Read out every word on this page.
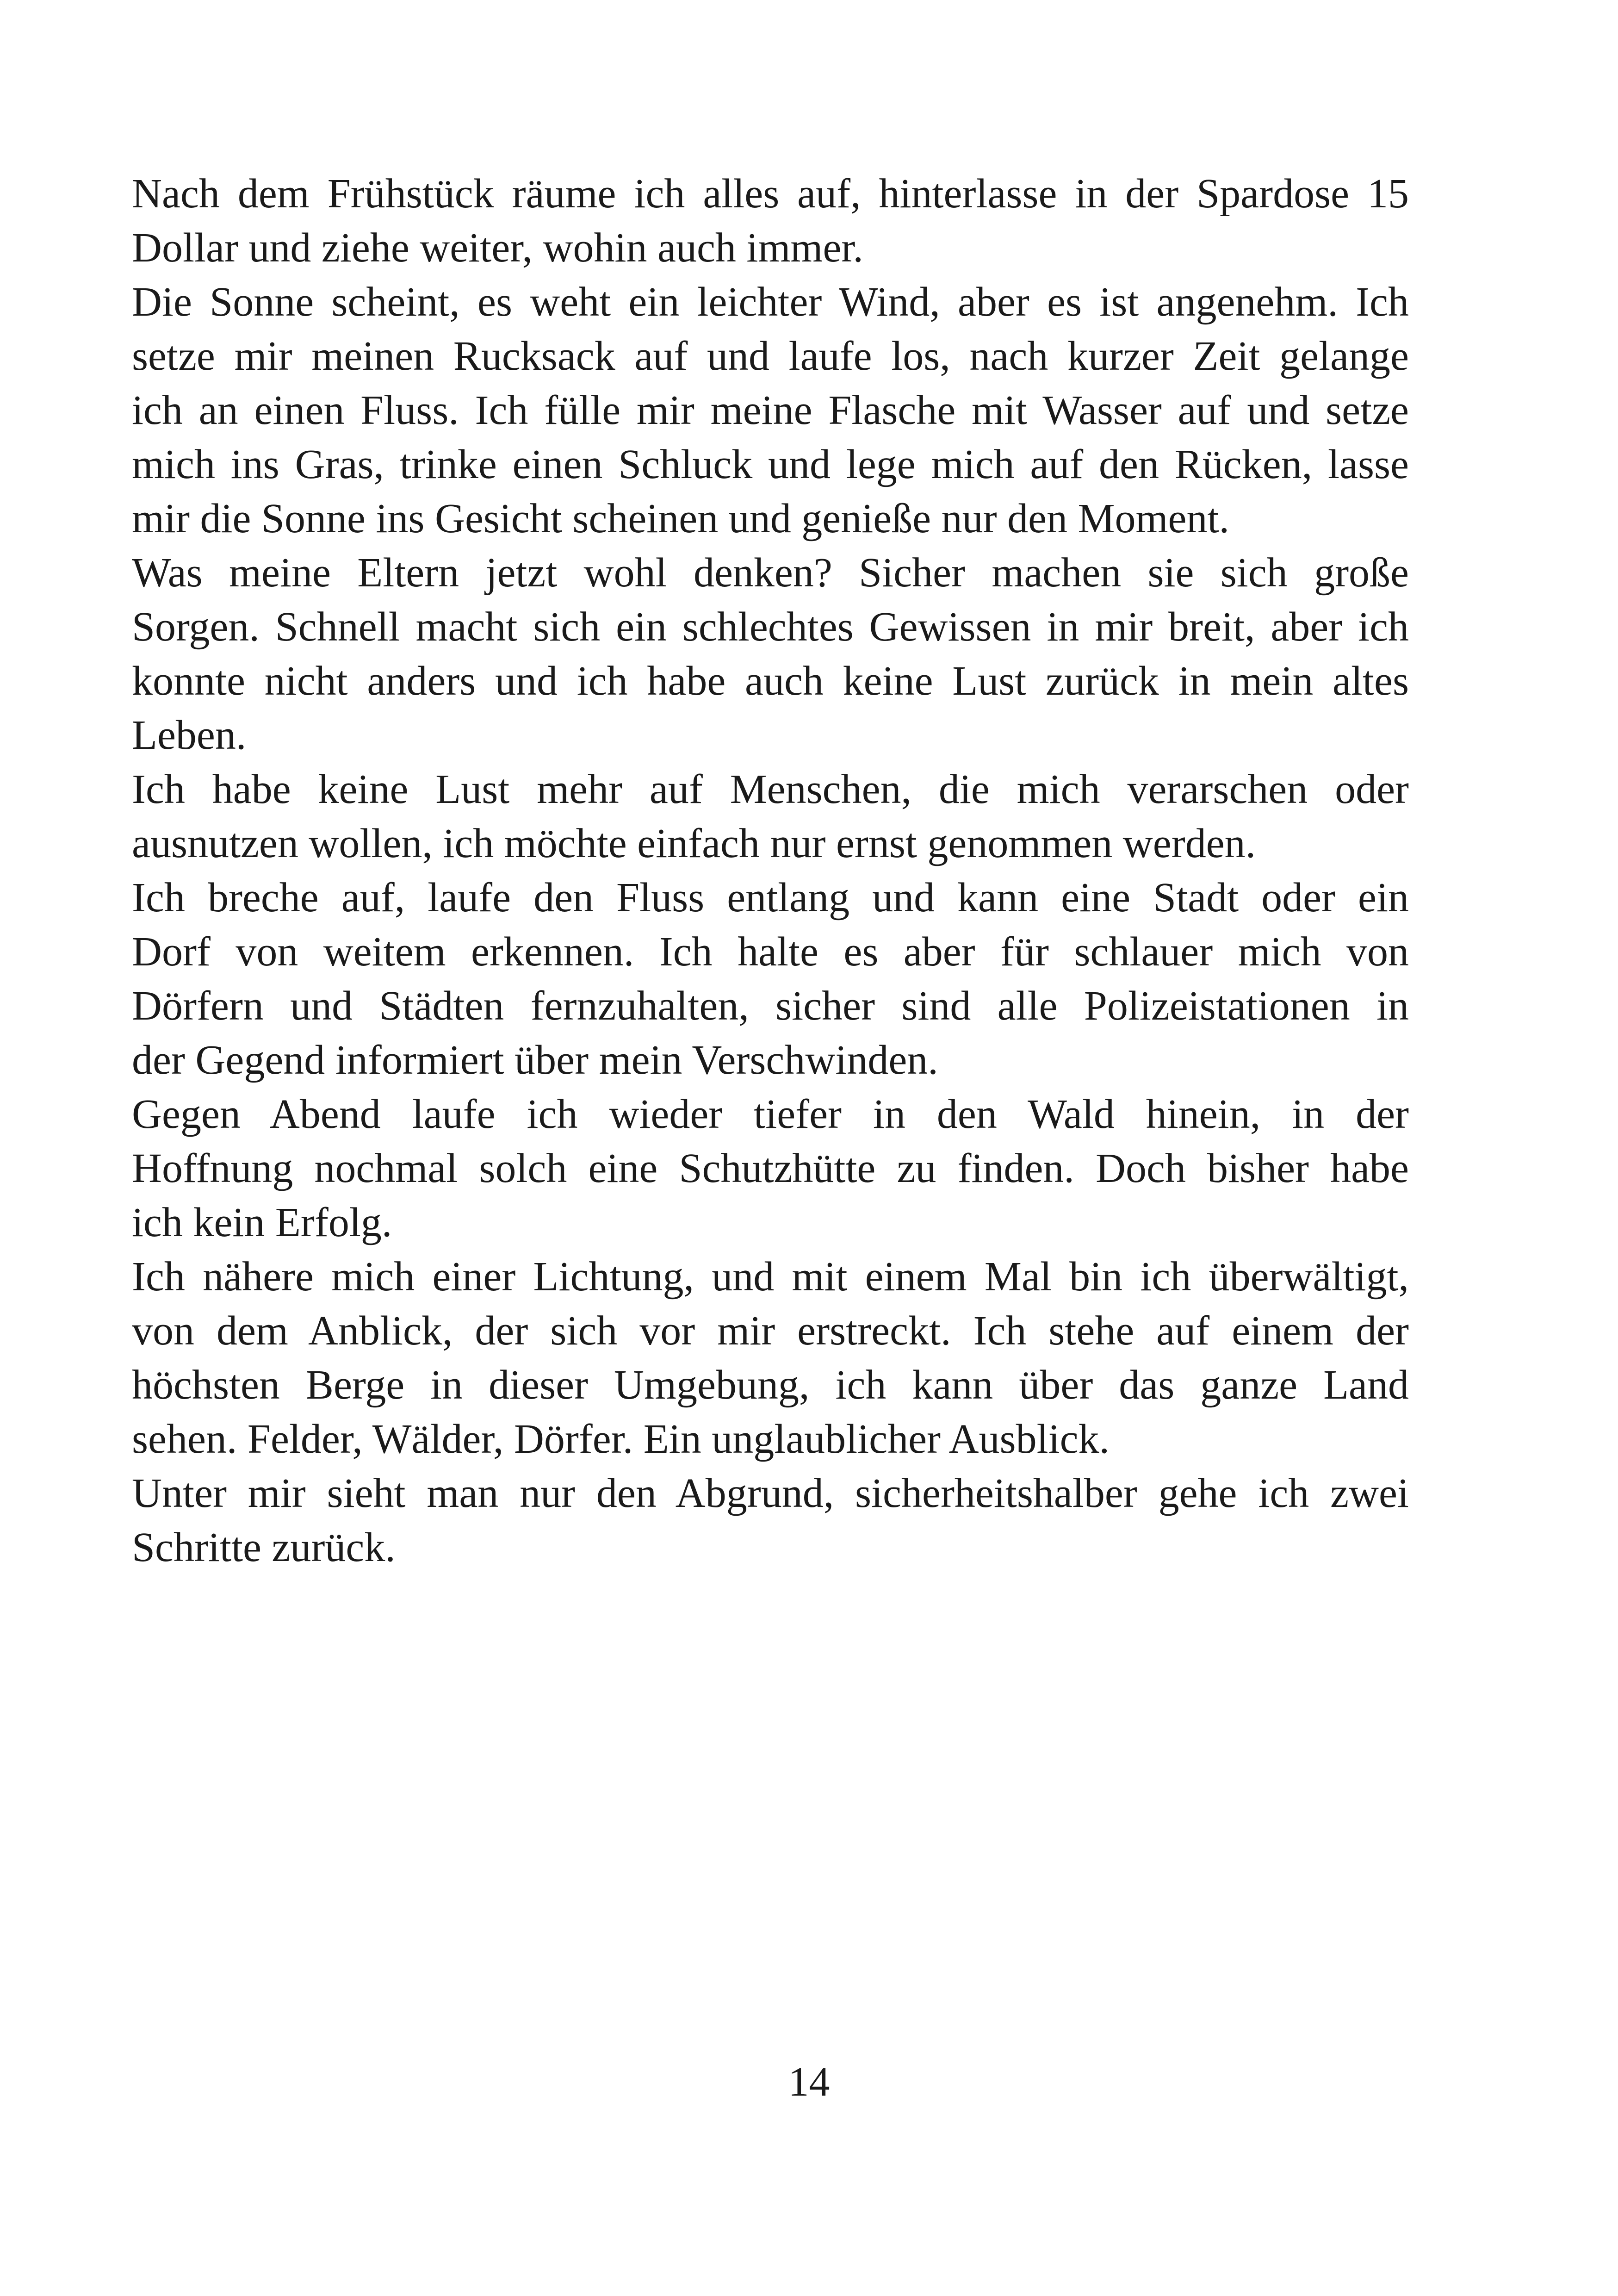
Nach dem Frühstück räume ich alles auf, hinterlasse in der Spardose 15
Dollar und ziehe weiter, wohin auch immer.
Die Sonne scheint, es weht ein leichter Wind, aber es ist angenehm. Ich
setze mir meinen Rucksack auf und laufe los, nach kurzer Zeit gelange
ich an einen Fluss. Ich fülle mir meine Flasche mit Wasser auf und setze
mich ins Gras, trinke einen Schluck und lege mich auf den Rücken, lasse
mir die Sonne ins Gesicht scheinen und genieße nur den Moment.
Was meine Eltern jetzt wohl denken? Sicher machen sie sich große
Sorgen. Schnell macht sich ein schlechtes Gewissen in mir breit, aber ich
konnte nicht anders und ich habe auch keine Lust zurück in mein altes
Leben.
Ich habe keine Lust mehr auf Menschen, die mich verarschen oder
ausnutzen wollen, ich möchte einfach nur ernst genommen werden.
Ich breche auf, laufe den Fluss entlang und kann eine Stadt oder ein
Dorf von weitem erkennen. Ich halte es aber für schlauer mich von
Dörfern und Städten fernzuhalten, sicher sind alle Polizeistationen in
der Gegend informiert über mein Verschwinden.
Gegen Abend laufe ich wieder tiefer in den Wald hinein, in der
Hoffnung nochmal solch eine Schutzhütte zu finden. Doch bisher habe
ich kein Erfolg.
Ich nähere mich einer Lichtung, und mit einem Mal bin ich überwältigt,
von dem Anblick, der sich vor mir erstreckt. Ich stehe auf einem der
höchsten Berge in dieser Umgebung, ich kann über das ganze Land
sehen. Felder, Wälder, Dörfer. Ein unglaublicher Ausblick.
Unter mir sieht man nur den Abgrund, sicherheitshalber gehe ich zwei
Schritte zurück.
14
